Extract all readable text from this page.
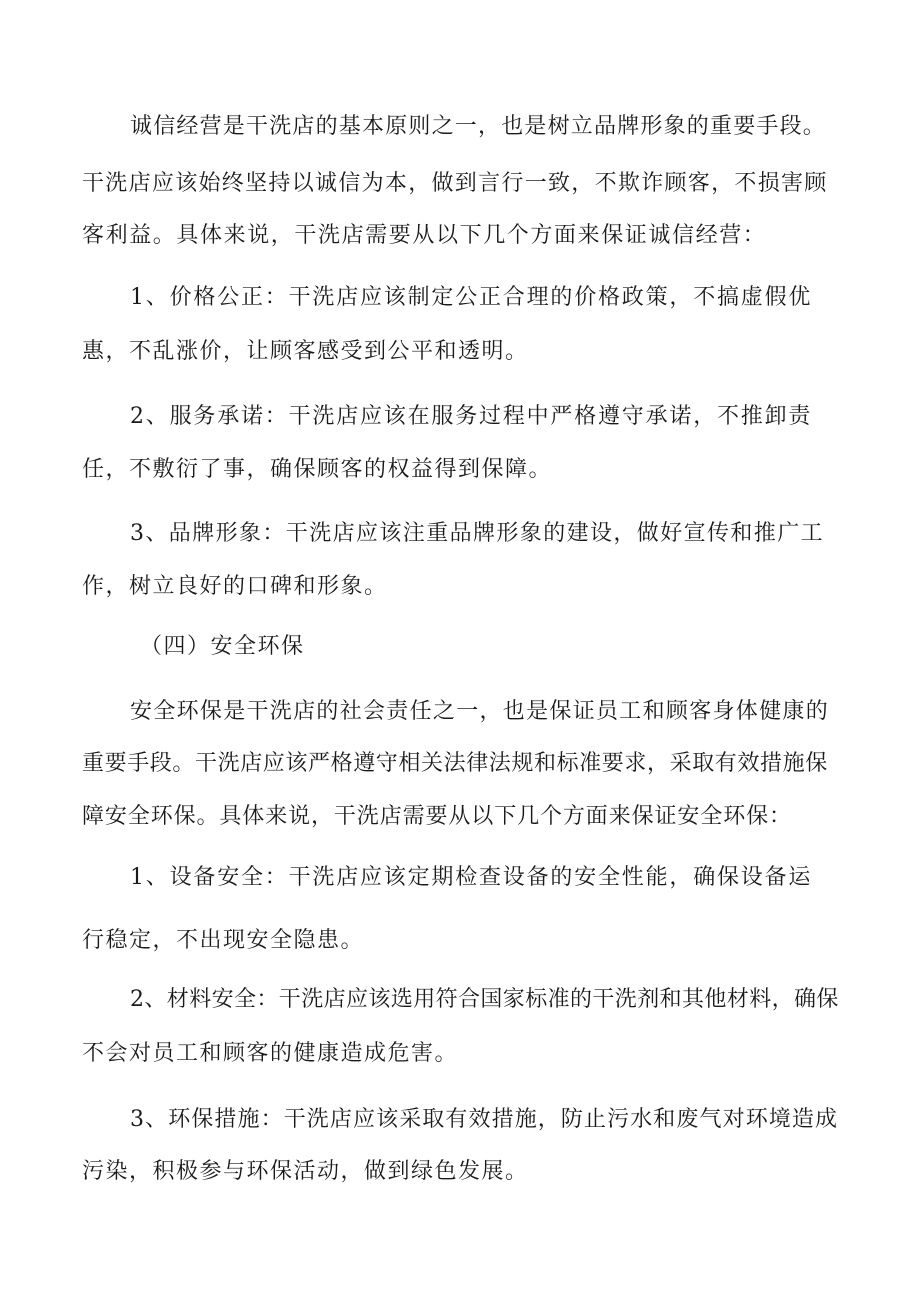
诚信经营是干洗店的基本原则之一，也是树立品牌形象的重要手段。
干洗店应该始终坚持以诚信为本，做到言行一致，不欺诈顾客，不损害顾
客利益。具体来说，干洗店需要从以下几个方面来保证诚信经营：
1、价格公正：干洗店应该制定公正合理的价格政策，不搞虚假优
惠，不乱涨价，让顾客感受到公平和透明。
2、服务承诺：干洗店应该在服务过程中严格遵守承诺，不推卸责
任，不敷衍了事，确保顾客的权益得到保障。
3、品牌形象：干洗店应该注重品牌形象的建设，做好宣传和推广工
作，树立良好的口碑和形象。
（四）安全环保
安全环保是干洗店的社会责任之一，也是保证员工和顾客身体健康的
重要手段。干洗店应该严格遵守相关法律法规和标准要求，采取有效措施保
障安全环保。具体来说，干洗店需要从以下几个方面来保证安全环保：
1、设备安全：干洗店应该定期检查设备的安全性能，确保设备运
行稳定，不出现安全隐患。
2、材料安全：干洗店应该选用符合国家标准的干洗剂和其他材料，确保
不会对员工和顾客的健康造成危害。
3、环保措施：干洗店应该采取有效措施，防止污水和废气对环境造成
污染，积极参与环保活动，做到绿色发展。
